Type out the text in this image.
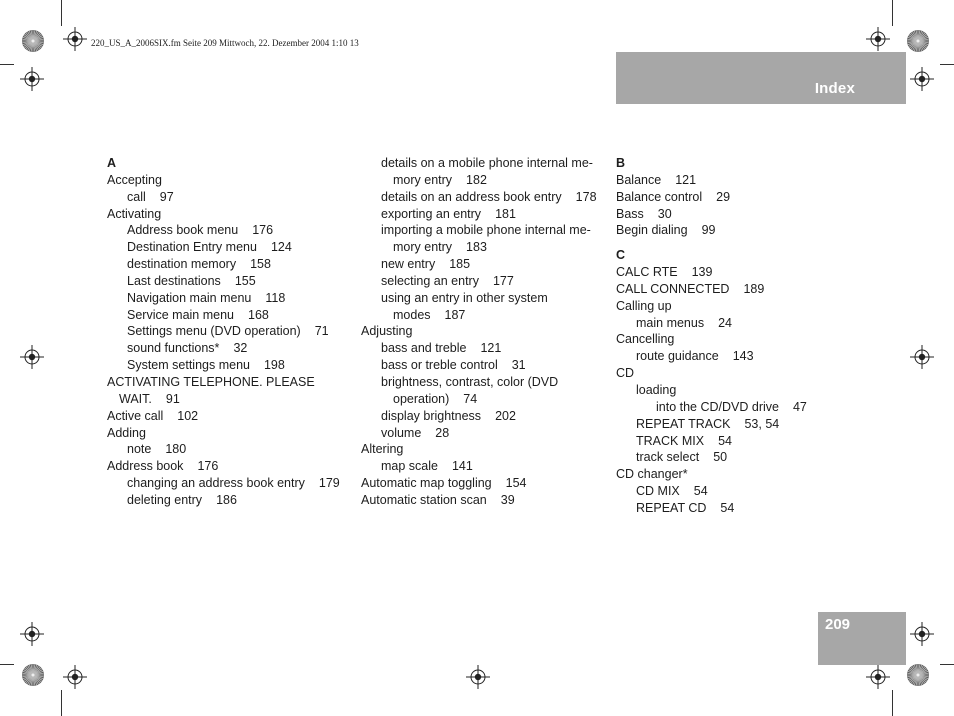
220_US_A_2006SIX.fm Seite 209 Mittwoch, 22. Dezember 2004 1:10 13
Index
209
A
Accepting
call 97
Activating
Address book menu 176
Destination Entry menu 124
destination memory 158
Last destinations 155
Navigation main menu 118
Service main menu 168
Settings menu (DVD operation) 71
sound functions* 32
System settings menu 198
ACTIVATING TELEPHONE. PLEASE
WAIT. 91
Active call 102
Adding
note 180
Address book 176
changing an address book entry 179
deleting entry 186
details on a mobile phone internal me-
mory entry 182
details on an address book entry 178
exporting an entry 181
importing a mobile phone internal me-
mory entry 183
new entry 185
selecting an entry 177
using an entry in other system
modes 187
Adjusting
bass and treble 121
bass or treble control 31
brightness, contrast, color (DVD
operation) 74
display brightness 202
volume 28
Altering
map scale 141
Automatic map toggling 154
Automatic station scan 39
B
Balance 121
Balance control 29
Bass 30
Begin dialing 99
C
CALC RTE 139
CALL CONNECTED 189
Calling up
main menus 24
Cancelling
route guidance 143
CD
loading
into the CD/DVD drive 47
REPEAT TRACK 53, 54
TRACK MIX 54
track select 50
CD changer*
CD MIX 54
REPEAT CD 54
